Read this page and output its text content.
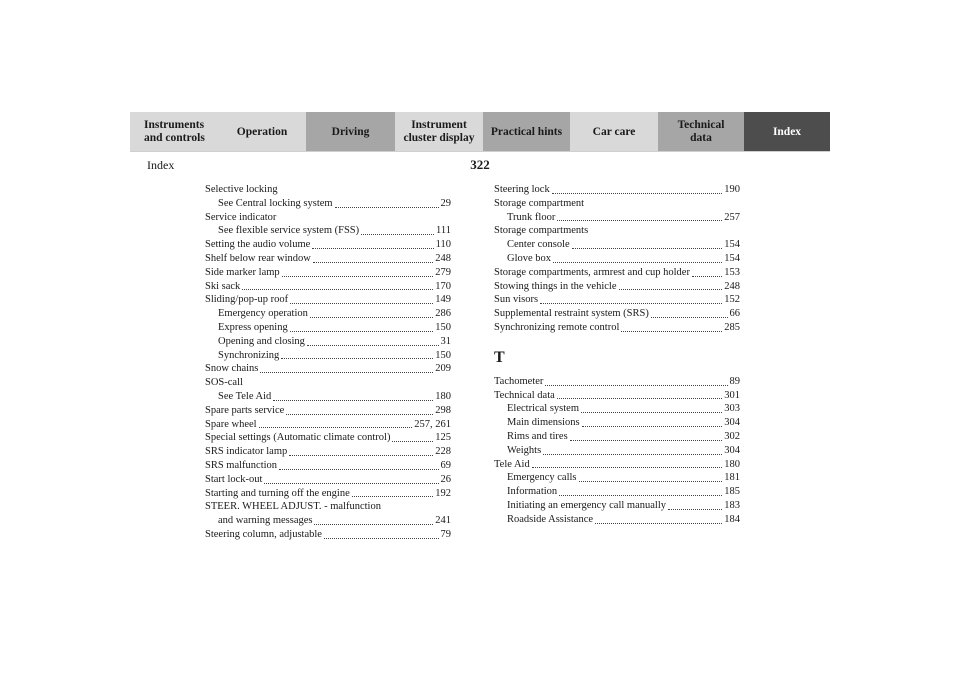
Instruments
and controls
Operation	Driving
Instrument
cluster display
Practical hints	Car care
Technical
data
Index
Index	322
Selective locking
See Central locking system	29
Service indicator
See flexible service system (FSS)	111
Setting the audio volume	110
Shelf below rear window	248
Side marker lamp	279
Ski sack	170
Sliding/pop-up roof	149
Emergency operation	286
Express opening	150
Opening and closing	31
Synchronizing	150
Snow chains	209
SOS-call
See Tele Aid	180
Spare parts service	298
Spare wheel	257, 261
Special settings (Automatic climate control)	125
SRS indicator lamp	228
SRS malfunction	69
Start lock-out	26
Starting and turning off the engine	192
STEER. WHEEL ADJUST. - malfunction
and warning messages	241
Steering column, adjustable	79
Steering lock	190
Storage compartment
Trunk floor	257
Storage compartments
Center console	154
Glove box	154
Storage compartments, armrest and cup holder	153
Stowing things in the vehicle	248
Sun visors	152
Supplemental restraint system (SRS)	66
Synchronizing remote control	285
T
Tachometer	89
Technical data	301
Electrical system	303
Main dimensions	304
Rims and tires	302
Weights	304
Tele Aid	180
Emergency calls	181
Information	185
Initiating an emergency call manually	183
Roadside Assistance	184
